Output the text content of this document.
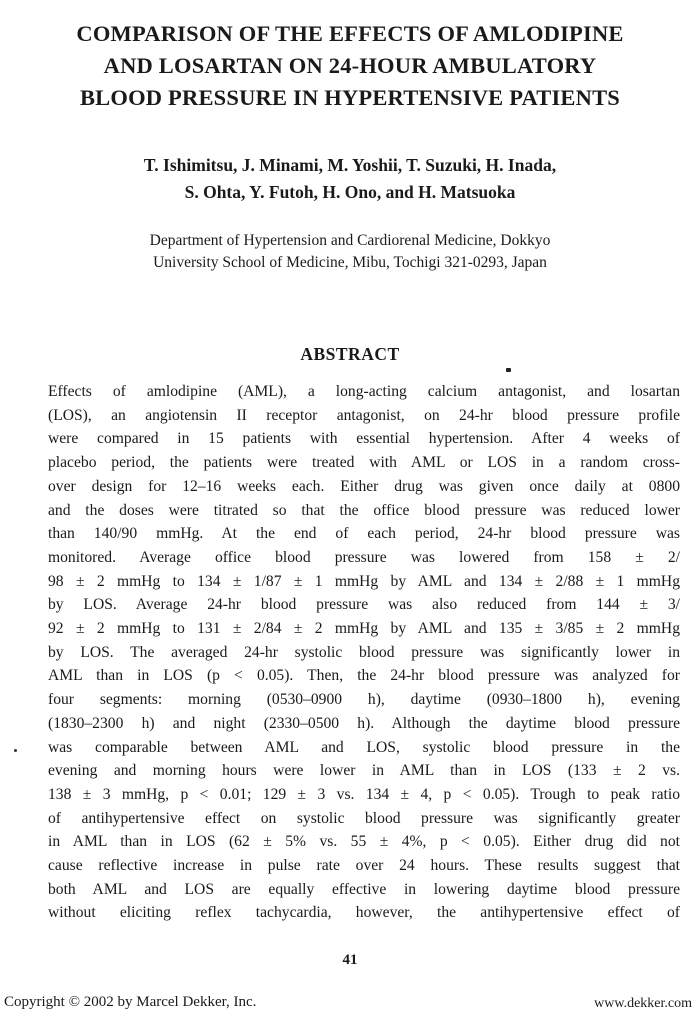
COMPARISON OF THE EFFECTS OF AMLODIPINE
AND LOSARTAN ON 24-HOUR AMBULATORY
BLOOD PRESSURE IN HYPERTENSIVE PATIENTS
T. Ishimitsu, J. Minami, M. Yoshii, T. Suzuki, H. Inada,
S. Ohta, Y. Futoh, H. Ono, and H. Matsuoka
Department of Hypertension and Cardiorenal Medicine, Dokkyo
University School of Medicine, Mibu, Tochigi 321-0293, Japan
ABSTRACT
Effects of amlodipine (AML), a long-acting calcium antagonist, and losartan
(LOS), an angiotensin II receptor antagonist, on 24-hr blood pressure profile
were compared in 15 patients with essential hypertension. After 4 weeks of
placebo period, the patients were treated with AML or LOS in a random cross-
over design for 12–16 weeks each. Either drug was given once daily at 0800
and the doses were titrated so that the office blood pressure was reduced lower
than 140/90 mmHg. At the end of each period, 24-hr blood pressure was
monitored. Average office blood pressure was lowered from 158 ± 2/
98 ± 2 mmHg to 134 ± 1/87 ± 1 mmHg by AML and 134 ± 2/88 ± 1 mmHg
by LOS. Average 24-hr blood pressure was also reduced from 144 ± 3/
92 ± 2 mmHg to 131 ± 2/84 ± 2 mmHg by AML and 135 ± 3/85 ± 2 mmHg
by LOS. The averaged 24-hr systolic blood pressure was significantly lower in
AML than in LOS (p < 0.05). Then, the 24-hr blood pressure was analyzed for
four segments: morning (0530–0900 h), daytime (0930–1800 h), evening
(1830–2300 h) and night (2330–0500 h). Although the daytime blood pressure
was comparable between AML and LOS, systolic blood pressure in the
evening and morning hours were lower in AML than in LOS (133 ± 2 vs.
138 ± 3 mmHg, p < 0.01; 129 ± 3 vs. 134 ± 4, p < 0.05). Trough to peak ratio
of antihypertensive effect on systolic blood pressure was significantly greater
in AML than in LOS (62 ± 5% vs. 55 ± 4%, p < 0.05). Either drug did not
cause reflective increase in pulse rate over 24 hours. These results suggest that
both AML and LOS are equally effective in lowering daytime blood pressure
without eliciting reflex tachycardia, however, the antihypertensive effect of
41
Copyright © 2002 by Marcel Dekker, Inc.	www.dekker.com
